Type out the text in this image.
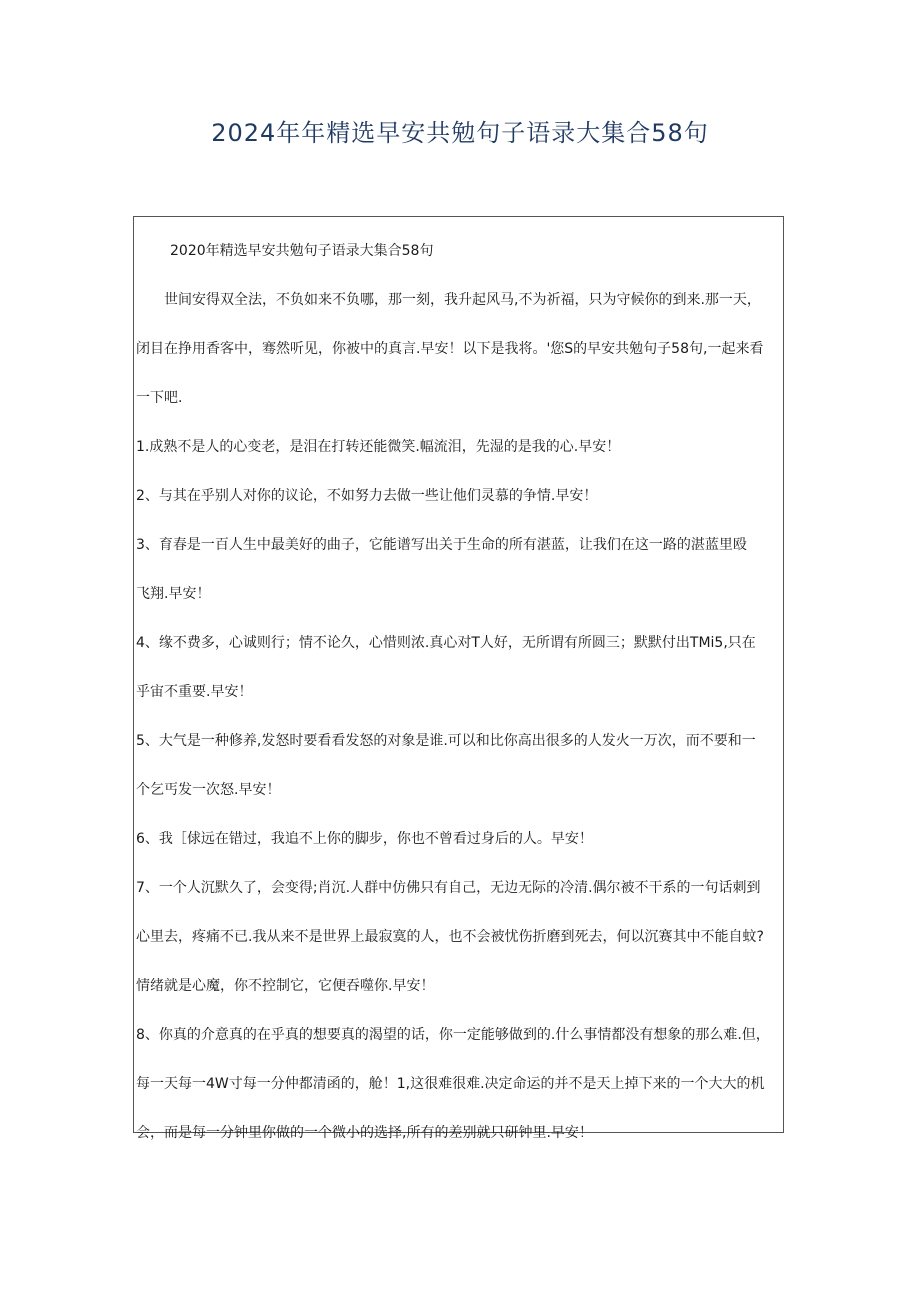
2024年年精选早安共勉句子语录大集合58句

2020年精选早安共勉句子语录大集合58句

　　世间安得双全法，不负如来不负哪，那一刻，我升起风马,不为祈福，只为守候你的到来.那一天，
闭目在挣用香客中，骞然听见，你被中的真言.早安！以下是我将。'您S的早安共勉句子58句,一起来看
一下吧.

1.成熟不是人的心变老，是泪在打转还能微笑.幅流泪，先湿的是我的心.早安！

2、与其在乎别人对你的议论，不如努力去做一些让他们灵慕的争情.早安！

3、育春是一百人生中最美好的曲子，它能谱写出关于生命的所有湛蓝，让我们在这一路的湛蓝里殴
飞翔.早安！

4、缘不费多，心诚则行；情不论久，心惜则浓.真心对T人好，无所谓有所圆三；默默付出TMi5,只在
乎宙不重要.早安！

5、大气是一种修养,发怒时要看看发怒的对象是谁.可以和比你高出很多的人发火一万次，而不要和一
个乞丐发一次怒.早安！

6、我［俅远在错过，我追不上你的脚步，你也不曾看过身后的人。早安！

7、一个人沉默久了，会变得;肖沉.人群中仿佛只有自己，无边无际的冷清.偶尔被不干系的一句话刺到
心里去，疼痛不已.我从来不是世界上最寂寞的人，也不会被忧伤折磨到死去，何以沉赛其中不能自蚊?
情绪就是心魔，你不控制它，它便吞噬你.早安！

8、你真的介意真的在乎真的想要真的渴望的话，你一定能够做到的.什么事情都没有想象的那么难.但，
每一天每一4W寸每一分仲都清函的，舱！1,这很难很难.决定命运的并不是天上掉下来的一个大大的机
会，而是每一分钟里你做的一个微小的选择,所有的差别就只研钟里.早安！
